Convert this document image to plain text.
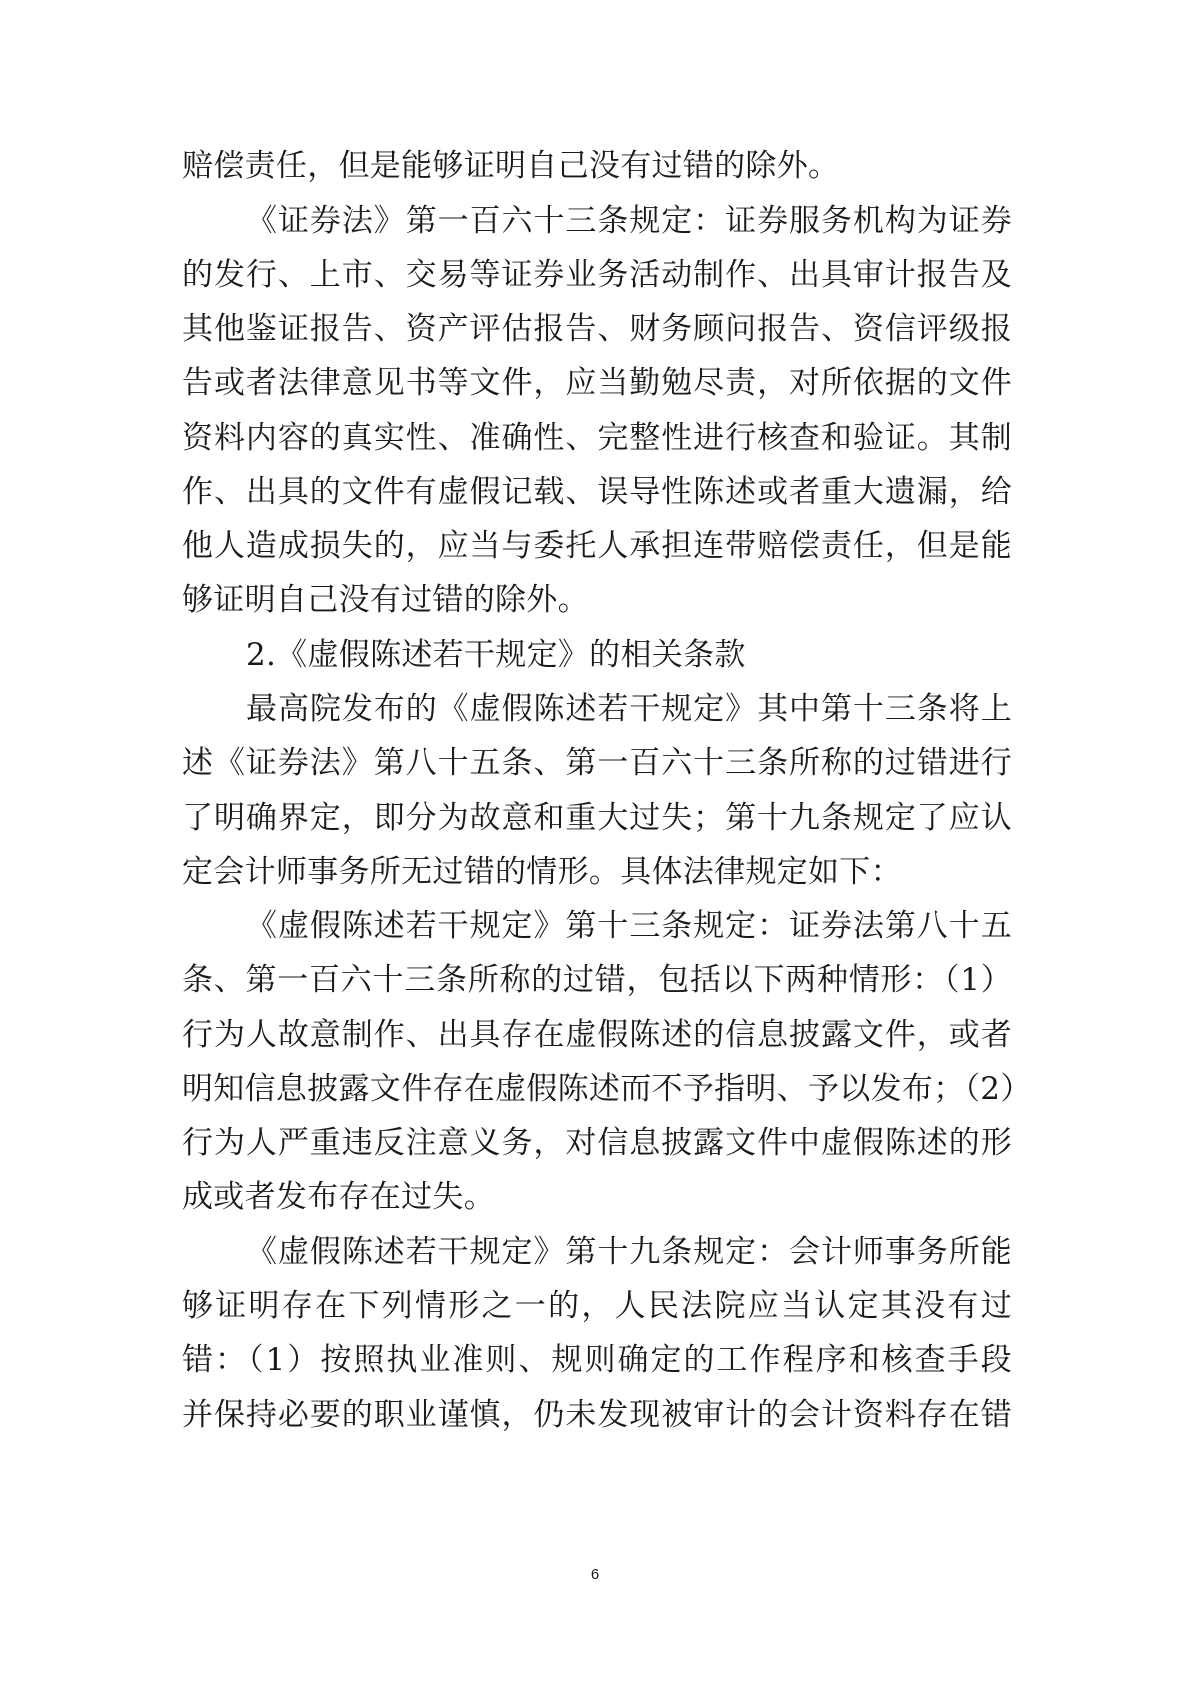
赔偿责任，但是能够证明自己没有过错的除外。
《证券法》第一百六十三条规定：证券服务机构为证券
的发行、上市、交易等证券业务活动制作、出具审计报告及
其他鉴证报告、资产评估报告、财务顾问报告、资信评级报
告或者法律意见书等文件，应当勤勉尽责，对所依据的文件
资料内容的真实性、准确性、完整性进行核查和验证。其制
作、出具的文件有虚假记载、误导性陈述或者重大遗漏，给
他人造成损失的，应当与委托人承担连带赔偿责任，但是能
够证明自己没有过错的除外。
2.《虚假陈述若干规定》的相关条款
最高院发布的《虚假陈述若干规定》其中第十三条将上
述《证券法》第八十五条、第一百六十三条所称的过错进行
了明确界定，即分为故意和重大过失；第十九条规定了应认
定会计师事务所无过错的情形。具体法律规定如下：
《虚假陈述若干规定》第十三条规定：证券法第八十五
条、第一百六十三条所称的过错，包括以下两种情形：（1）
行为人故意制作、出具存在虚假陈述的信息披露文件，或者
明知信息披露文件存在虚假陈述而不予指明、予以发布；（2）
行为人严重违反注意义务，对信息披露文件中虚假陈述的形
成或者发布存在过失。
《虚假陈述若干规定》第十九条规定：会计师事务所能
够证明存在下列情形之一的，人民法院应当认定其没有过
错：（1）按照执业准则、规则确定的工作程序和核查手段
并保持必要的职业谨慎，仍未发现被审计的会计资料存在错
6
